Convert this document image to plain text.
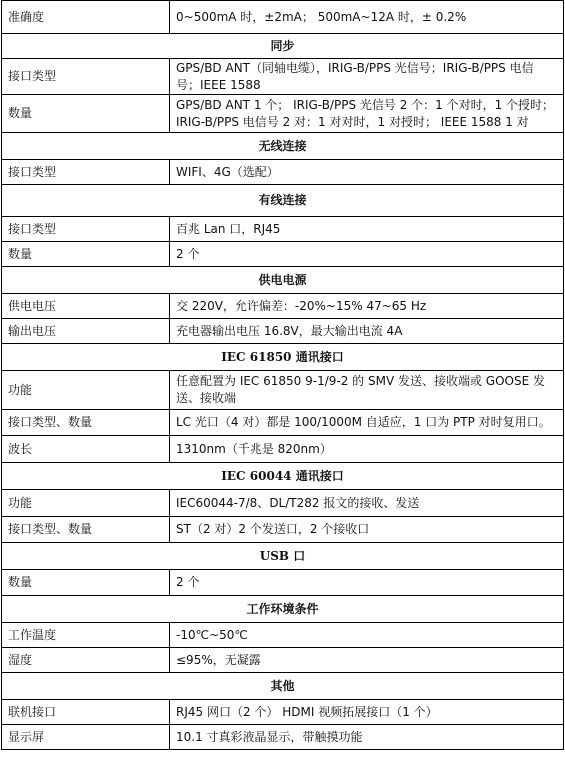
准确度	0~500mA 时，±2mA； 500mA~12A 时，± 0.2%
同步	
接口类型	GPS/BD ANT（同轴电缆），IRIG-B/PPS 光信号；IRIG-B/PPS 电信号；IEEE 1588
数量	GPS/BD ANT 1 个； IRIG-B/PPS 光信号 2 个：1 个对时，1 个授时； IRIG-B/PPS 电信号 2 对：1 对对时，1 对授时； IEEE 1588 1 对
无线连接	
接口类型	WIFI、4G（选配）
有线连接	
接口类型	百兆 Lan 口，RJ45
数量	2 个
供电电源	
供电电压	交 220V，允许偏差：-20%~15% 47~65 Hz
输出电压	充电器输出电压 16.8V，最大输出电流 4A
IEC 61850 通讯接口	
功能	任意配置为 IEC 61850 9-1/9-2 的 SMV 发送、接收端或 GOOSE 发送、接收端
接口类型、数量	LC 光口（4 对）都是 100/1000M 自适应，1 口为 PTP 对时复用口。
波长	1310nm（千兆是 820nm）
IEC 60044 通讯接口	
功能	IEC60044-7/8、DL/T282 报文的接收、发送
接口类型、数量	ST（2 对）2 个发送口，2 个接收口
USB 口	
数量	2 个
工作环境条件	
工作温度	-10℃~50℃
湿度	≤95%，无凝露
其他	
联机接口	RJ45 网口（2 个） HDMI 视频拓展接口（1 个）
显示屏	10.1 寸真彩液晶显示，带触摸功能
